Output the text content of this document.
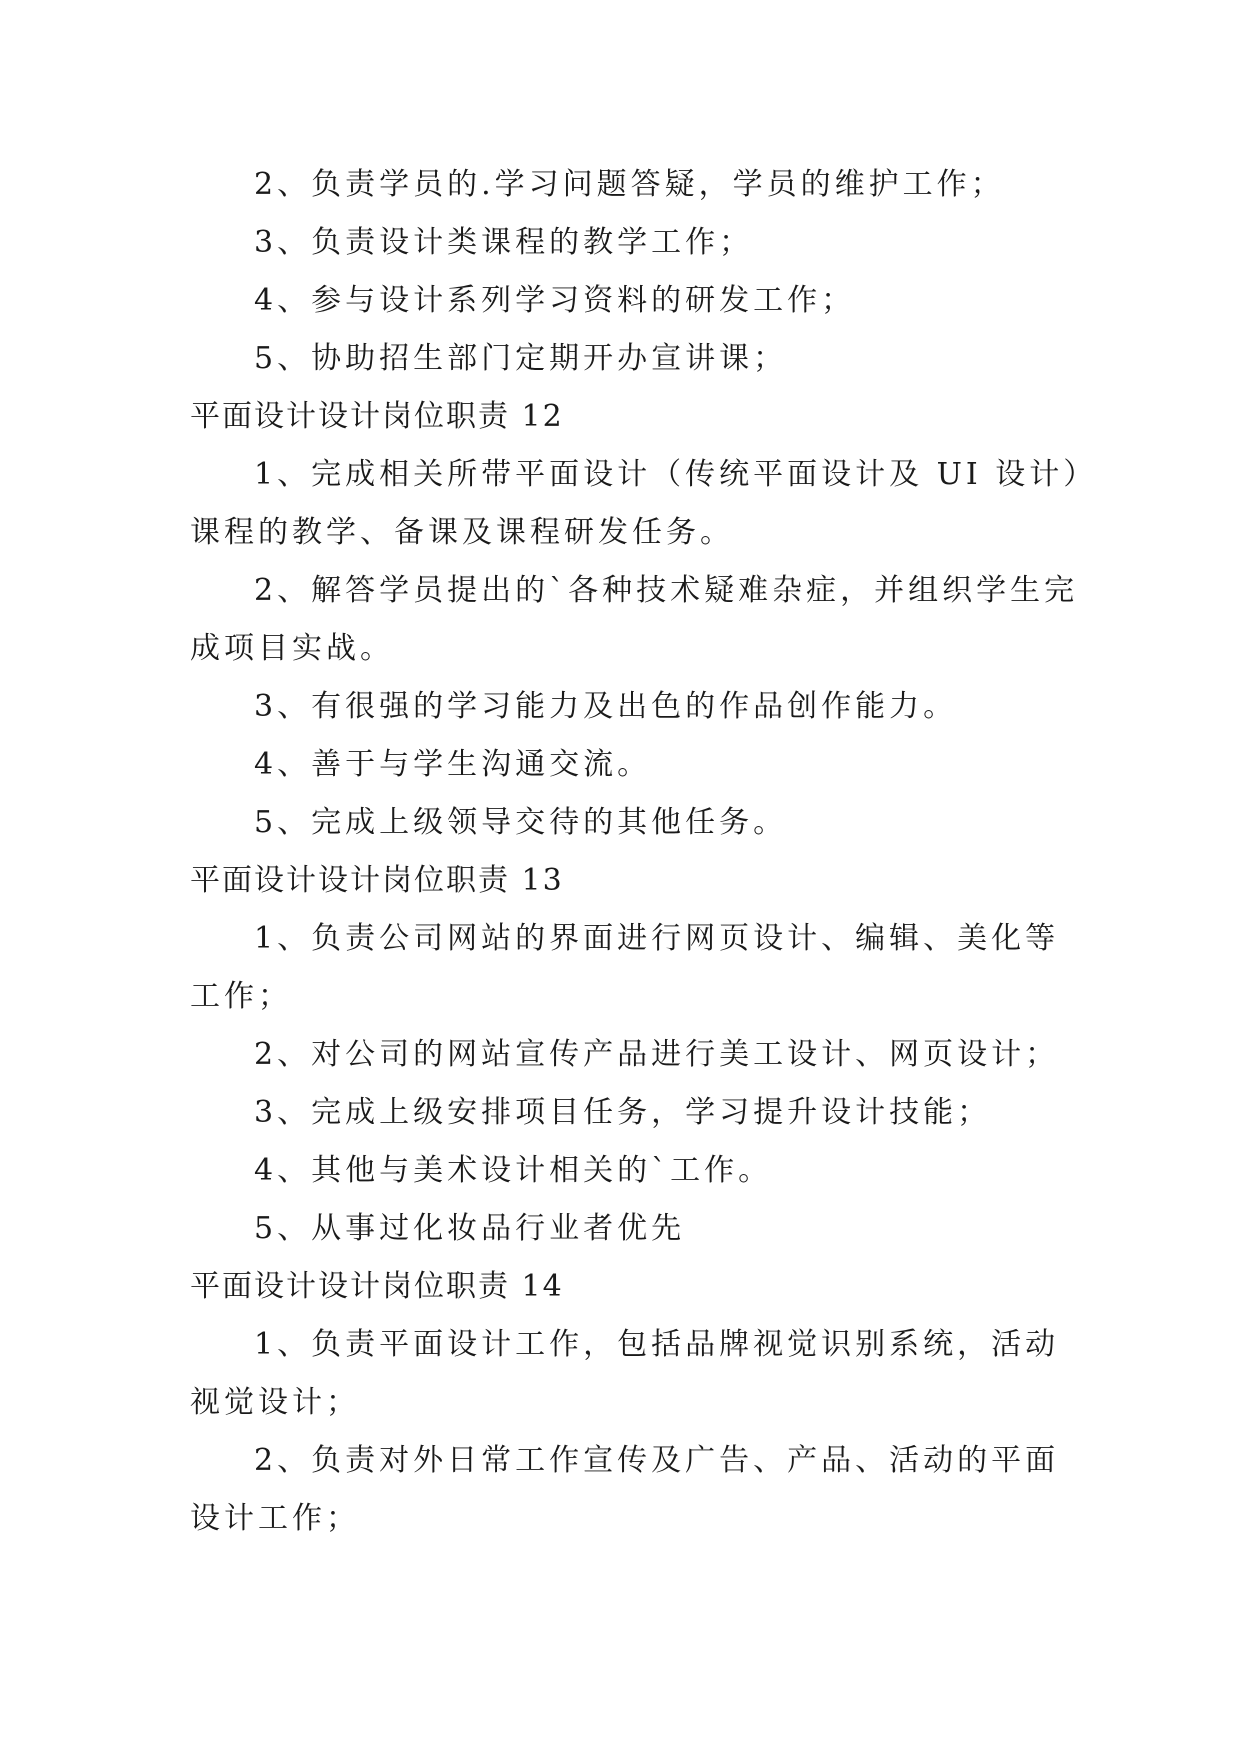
2、负责学员的.学习问题答疑，学员的维护工作；
3、负责设计类课程的教学工作；
4、参与设计系列学习资料的研发工作；
5、协助招生部门定期开办宣讲课；
平面设计设计岗位职责 12
1、完成相关所带平面设计（传统平面设计及 UI 设计）
课程的教学、备课及课程研发任务。
2、解答学员提出的`各种技术疑难杂症，并组织学生完
成项目实战。
3、有很强的学习能力及出色的作品创作能力。
4、善于与学生沟通交流。
5、完成上级领导交待的其他任务。
平面设计设计岗位职责 13
1、负责公司网站的界面进行网页设计、编辑、美化等
工作；
2、对公司的网站宣传产品进行美工设计、网页设计；
3、完成上级安排项目任务，学习提升设计技能；
4、其他与美术设计相关的`工作。
5、从事过化妆品行业者优先
平面设计设计岗位职责 14
1、负责平面设计工作，包括品牌视觉识别系统，活动
视觉设计；
2、负责对外日常工作宣传及广告、产品、活动的平面
设计工作；
